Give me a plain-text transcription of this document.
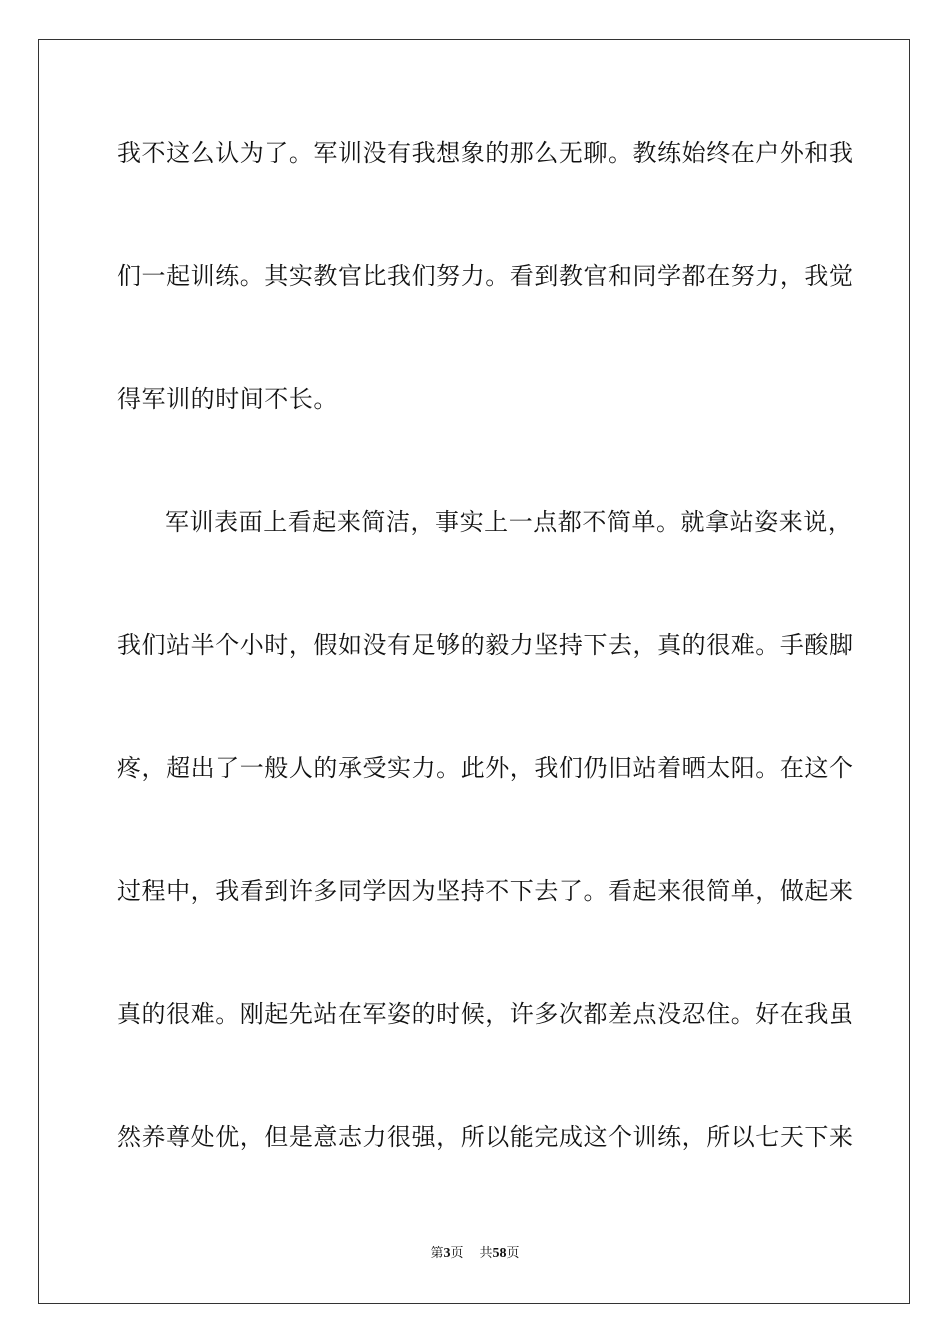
我不这么认为了。军训没有我想象的那么无聊。教练始终在户外和我
们一起训练。其实教官比我们努力。看到教官和同学都在努力，我觉
得军训的时间不长。
军训表面上看起来简洁，事实上一点都不简单。就拿站姿来说，
我们站半个小时，假如没有足够的毅力坚持下去，真的很难。手酸脚
疼，超出了一般人的承受实力。此外，我们仍旧站着晒太阳。在这个
过程中，我看到许多同学因为坚持不下去了。看起来很简单，做起来
真的很难。刚起先站在军姿的时候，许多次都差点没忍住。好在我虽
然养尊处优，但是意志力很强，所以能完成这个训练，所以七天下来
第3页 共58页
